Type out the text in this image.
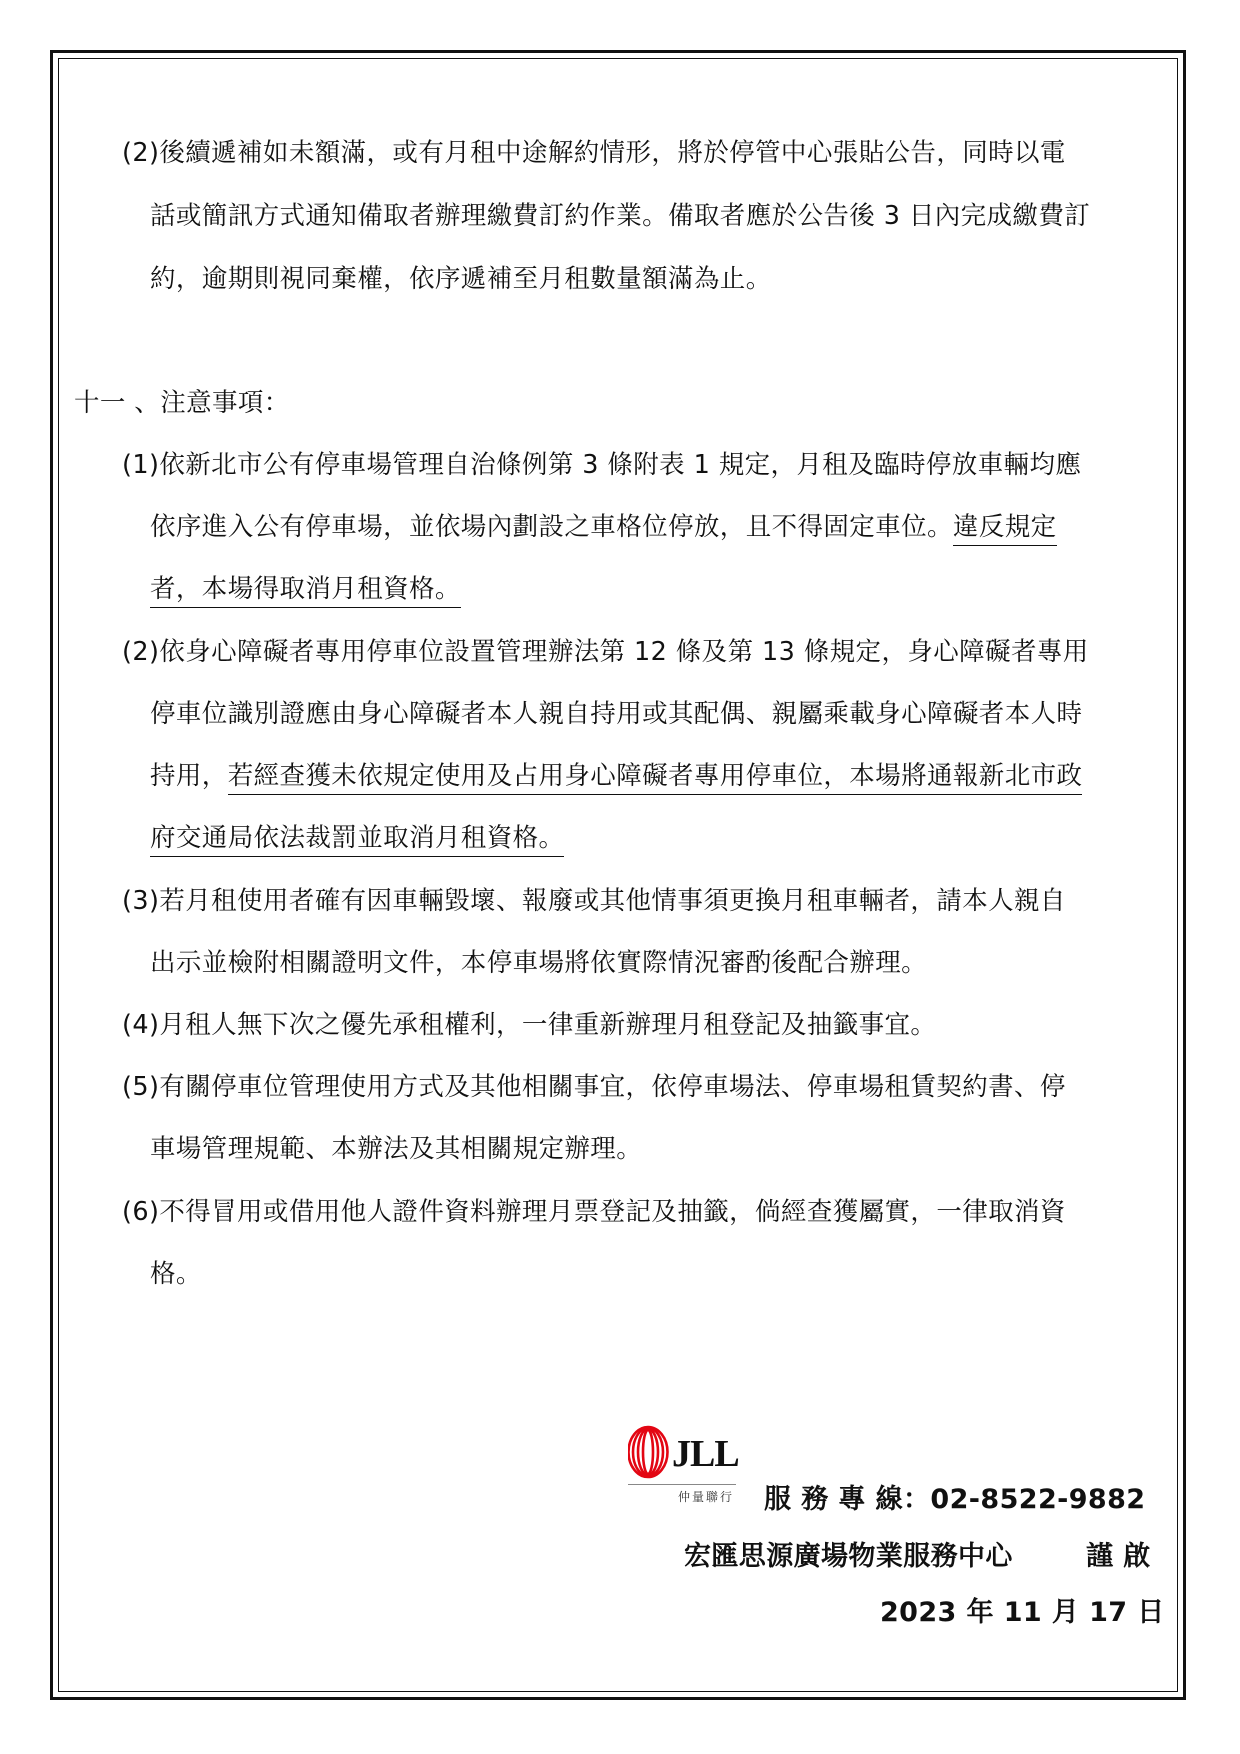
(2)後續遞補如未額滿，或有月租中途解約情形，將於停管中心張貼公告，同時以電
話或簡訊方式通知備取者辦理繳費訂約作業。備取者應於公告後 3 日內完成繳費訂
約，逾期則視同棄權，依序遞補至月租數量額滿為止。
十一 、注意事項：
(1)依新北市公有停車場管理自治條例第 3 條附表 1 規定，月租及臨時停放車輛均應
依序進入公有停車場，並依場內劃設之車格位停放，且不得固定車位。違反規定
者，本場得取消月租資格。
(2)依身心障礙者專用停車位設置管理辦法第 12 條及第 13 條規定，身心障礙者專用
停車位識別證應由身心障礙者本人親自持用或其配偶、親屬乘載身心障礙者本人時
持用，若經查獲未依規定使用及占用身心障礙者專用停車位，本場將通報新北市政
府交通局依法裁罰並取消月租資格。
(3)若月租使用者確有因車輛毀壞、報廢或其他情事須更換月租車輛者，請本人親自
出示並檢附相關證明文件，本停車場將依實際情況審酌後配合辦理。
(4)月租人無下次之優先承租權利，一律重新辦理月租登記及抽籤事宜。
(5)有關停車位管理使用方式及其他相關事宜，依停車場法、停車場租賃契約書、停
車場管理規範、本辦法及其相關規定辦理。
(6)不得冒用或借用他人證件資料辦理月票登記及抽籤，倘經查獲屬實，一律取消資
格。
JLL
仲量聯行 服 務 專 線：02-8522-9882
宏匯思源廣場物業服務中心	謹 啟
2023 年 11 月 17 日
